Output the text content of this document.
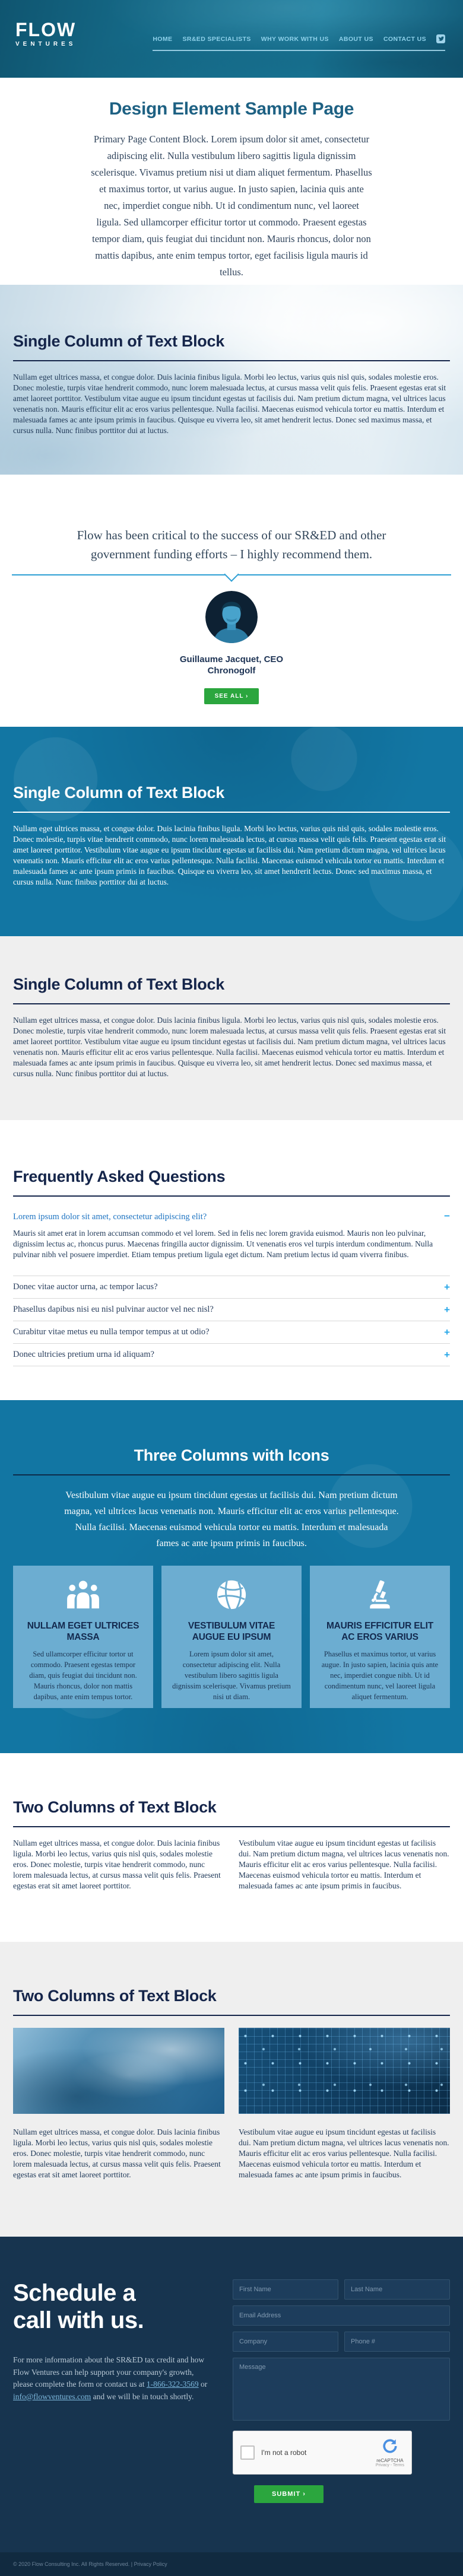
FLOW
VENTURES
HOME SR&ED SPECIALISTS WHY WORK WITH US ABOUT US CONTACT US
Design Element Sample Page

Primary Page Content Block. Lorem ipsum dolor sit amet, consectetur adipiscing elit. Nulla vestibulum libero sagittis ligula dignissim scelerisque. Vivamus pretium nisi ut diam aliquet fermentum. Phasellus et maximus tortor, ut varius augue. In justo sapien, lacinia quis ante nec, imperdiet congue nibh. Ut id condimentum nunc, vel laoreet ligula. Sed ullamcorper efficitur tortor ut commodo. Praesent egestas tempor diam, quis feugiat dui tincidunt non. Mauris rhoncus, dolor non mattis dapibus, ante enim tempus tortor, eget facilisis ligula mauris id tellus.

Single Column of Text Block

Nullam eget ultrices massa, et congue dolor. Duis lacinia finibus ligula. Morbi leo lectus, varius quis nisl quis, sodales molestie eros. Donec molestie, turpis vitae hendrerit commodo, nunc lorem malesuada lectus, at cursus massa velit quis felis. Praesent egestas erat sit amet laoreet porttitor. Vestibulum vitae augue eu ipsum tincidunt egestas ut facilisis dui. Nam pretium dictum magna, vel ultrices lacus venenatis non. Mauris efficitur elit ac eros varius pellentesque. Nulla facilisi. Maecenas euismod vehicula tortor eu mattis. Interdum et malesuada fames ac ante ipsum primis in faucibus. Quisque eu viverra leo, sit amet hendrerit lectus. Donec sed maximus massa, et cursus nulla. Nunc finibus porttitor dui at luctus.

Flow has been critical to the success of our SR&ED and other government funding efforts – I highly recommend them.

Guillaume Jacquet, CEO
Chronogolf
SEE ALL ›
Single Column of Text Block

Nullam eget ultrices massa, et congue dolor. Duis lacinia finibus ligula. Morbi leo lectus, varius quis nisl quis, sodales molestie eros. Donec molestie, turpis vitae hendrerit commodo, nunc lorem malesuada lectus, at cursus massa velit quis felis. Praesent egestas erat sit amet laoreet porttitor. Vestibulum vitae augue eu ipsum tincidunt egestas ut facilisis dui. Nam pretium dictum magna, vel ultrices lacus venenatis non. Mauris efficitur elit ac eros varius pellentesque. Nulla facilisi. Maecenas euismod vehicula tortor eu mattis. Interdum et malesuada fames ac ante ipsum primis in faucibus. Quisque eu viverra leo, sit amet hendrerit lectus. Donec sed maximus massa, et cursus nulla. Nunc finibus porttitor dui at luctus.

Single Column of Text Block

Nullam eget ultrices massa, et congue dolor. Duis lacinia finibus ligula. Morbi leo lectus, varius quis nisl quis, sodales molestie eros. Donec molestie, turpis vitae hendrerit commodo, nunc lorem malesuada lectus, at cursus massa velit quis felis. Praesent egestas erat sit amet laoreet porttitor. Vestibulum vitae augue eu ipsum tincidunt egestas ut facilisis dui. Nam pretium dictum magna, vel ultrices lacus venenatis non. Mauris efficitur elit ac eros varius pellentesque. Nulla facilisi. Maecenas euismod vehicula tortor eu mattis. Interdum et malesuada fames ac ante ipsum primis in faucibus. Quisque eu viverra leo, sit amet hendrerit lectus. Donec sed maximus massa, et cursus nulla. Nunc finibus porttitor dui at luctus.

Frequently Asked Questions
Lorem ipsum dolor sit amet, consectetur adipiscing elit?	−

Mauris sit amet erat in lorem accumsan commodo et vel lorem. Sed in felis nec lorem gravida euismod. Mauris non leo pulvinar, dignissim lectus ac, rhoncus purus. Maecenas fringilla auctor dignissim. Ut venenatis eros vel turpis interdum condimentum. Nulla pulvinar nibh vel posuere imperdiet. Etiam tempus pretium ligula eget dictum. Nam pretium lectus id quam viverra finibus.

Donec vitae auctor urna, ac tempor lacus?	+
Phasellus dapibus nisi eu nisl pulvinar auctor vel nec nisl?	+
Curabitur vitae metus eu nulla tempor tempus at ut odio?	+
Donec ultricies pretium urna id aliquam?	+
Three Columns with Icons

Vestibulum vitae augue eu ipsum tincidunt egestas ut facilisis dui. Nam pretium dictum magna, vel ultrices lacus venenatis non. Mauris efficitur elit ac eros varius pellentesque. Nulla facilisi. Maecenas euismod vehicula tortor eu mattis. Interdum et malesuada fames ac ante ipsum primis in faucibus.

NULLAM EGET ULTRICES MASSA

Sed ullamcorper efficitur tortor ut commodo. Praesent egestas tempor diam, quis feugiat dui tincidunt non. Mauris rhoncus, dolor non mattis dapibus, ante enim tempus tortor.

VESTIBULUM VITAE AUGUE EU IPSUM

Lorem ipsum dolor sit amet, consectetur adipiscing elit. Nulla vestibulum libero sagittis ligula dignissim scelerisque. Vivamus pretium nisi ut diam.

MAURIS EFFICITUR ELIT AC EROS VARIUS

Phasellus et maximus tortor, ut varius augue. In justo sapien, lacinia quis ante nec, imperdiet congue nibh. Ut id condimentum nunc, vel laoreet ligula aliquet fermentum.

Two Columns of Text Block

Nullam eget ultrices massa, et congue dolor. Duis lacinia finibus ligula. Morbi leo lectus, varius quis nisl quis, sodales molestie eros. Donec molestie, turpis vitae hendrerit commodo, nunc lorem malesuada lectus, at cursus massa velit quis felis. Praesent egestas erat sit amet laoreet porttitor.

Vestibulum vitae augue eu ipsum tincidunt egestas ut facilisis dui. Nam pretium dictum magna, vel ultrices lacus venenatis non. Mauris efficitur elit ac eros varius pellentesque. Nulla facilisi. Maecenas euismod vehicula tortor eu mattis. Interdum et malesuada fames ac ante ipsum primis in faucibus.

Two Columns of Text Block

Nullam eget ultrices massa, et congue dolor. Duis lacinia finibus ligula. Morbi leo lectus, varius quis nisl quis, sodales molestie eros. Donec molestie, turpis vitae hendrerit commodo, nunc lorem malesuada lectus, at cursus massa velit quis felis. Praesent egestas erat sit amet laoreet porttitor.

Vestibulum vitae augue eu ipsum tincidunt egestas ut facilisis dui. Nam pretium dictum magna, vel ultrices lacus venenatis non. Mauris efficitur elit ac eros varius pellentesque. Nulla facilisi. Maecenas euismod vehicula tortor eu mattis. Interdum et malesuada fames ac ante ipsum primis in faucibus.

Schedule a
call with us.

For more information about the SR&ED tax credit and how Flow Ventures can help support your company's growth, please complete the form or contact us at 1-866-322-3569 or info@flowventures.com and we will be in touch shortly.

First Name
Last Name
Email Address
Company
Phone #
Message
I'm not a robot
reCAPTCHA
Privacy - Terms
SUBMIT ›
© 2020 Flow Consulting Inc. All Rights Reserved. | Privacy Policy
